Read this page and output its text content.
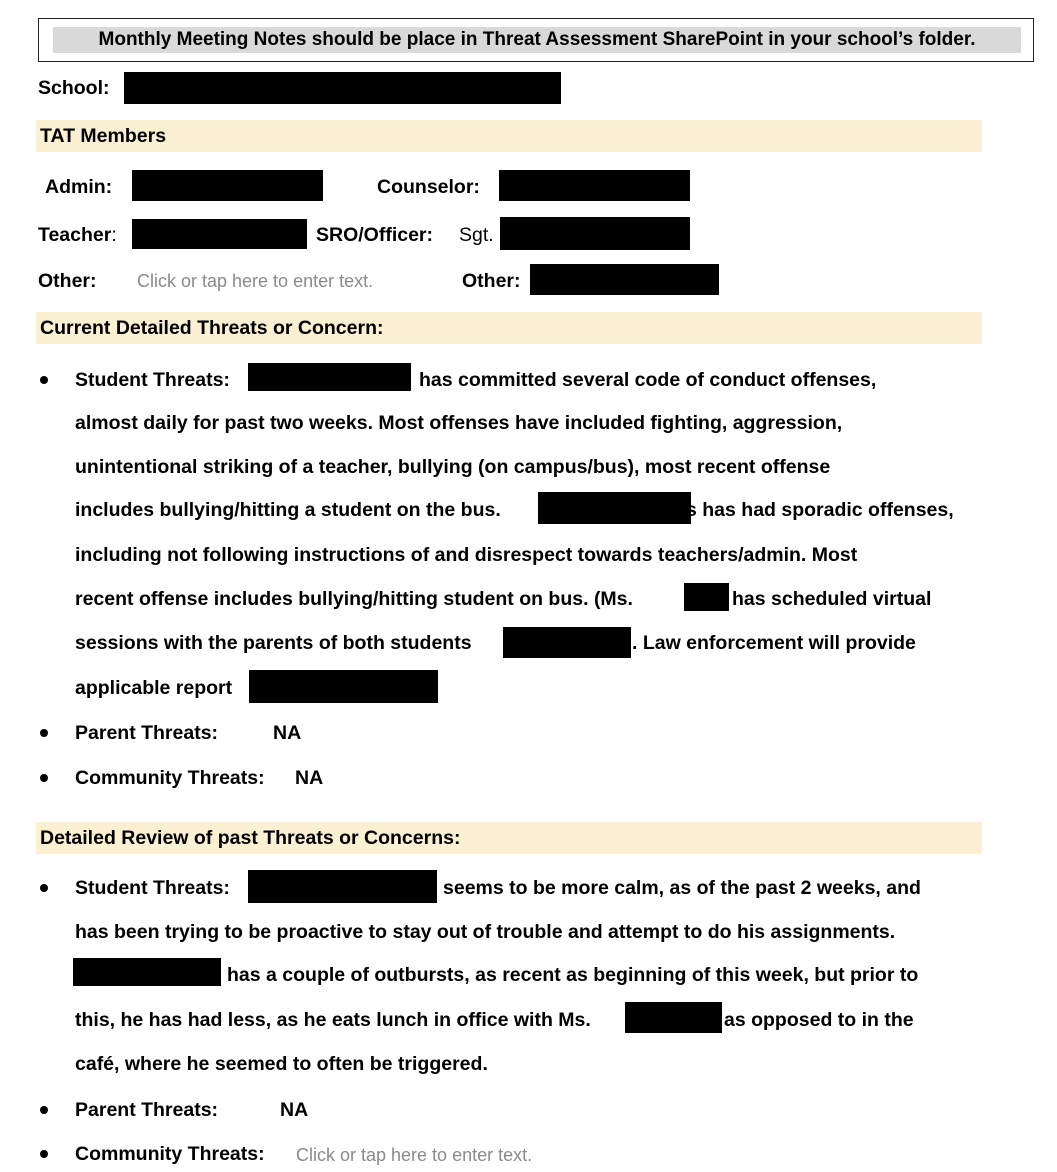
Monthly Meeting Notes should be place in Threat Assessment SharePoint in your school’s folder.
School:
TAT Members
Admin:	Counselor:
Teacher:	SRO/Officer: Sgt.
Other: Click or tap here to enter text.	Other:
Current Detailed Threats or Concern:
Student Threats:	has committed several code of conduct offenses,
almost daily for past two weeks. Most offenses have included fighting, aggression,
unintentional striking of a teacher, bullying (on campus/bus), most recent offense
includes bullying/hitting a student on the bus.	s has had sporadic offenses,
including not following instructions of and disrespect towards teachers/admin. Most
recent offense includes bullying/hitting student on bus. (Ms.	has scheduled virtual
sessions with the parents of both students	. Law enforcement will provide
applicable report
Parent Threats:	NA
Community Threats: NA
Detailed Review of past Threats or Concerns:
Student Threats:	seems to be more calm, as of the past 2 weeks, and
has been trying to be proactive to stay out of trouble and attempt to do his assignments.
has a couple of outbursts, as recent as beginning of this week, but prior to
this, he has had less, as he eats lunch in office with Ms.	as opposed to in the
café, where he seemed to often be triggered.
Parent Threats:	NA
Community Threats: Click or tap here to enter text.
